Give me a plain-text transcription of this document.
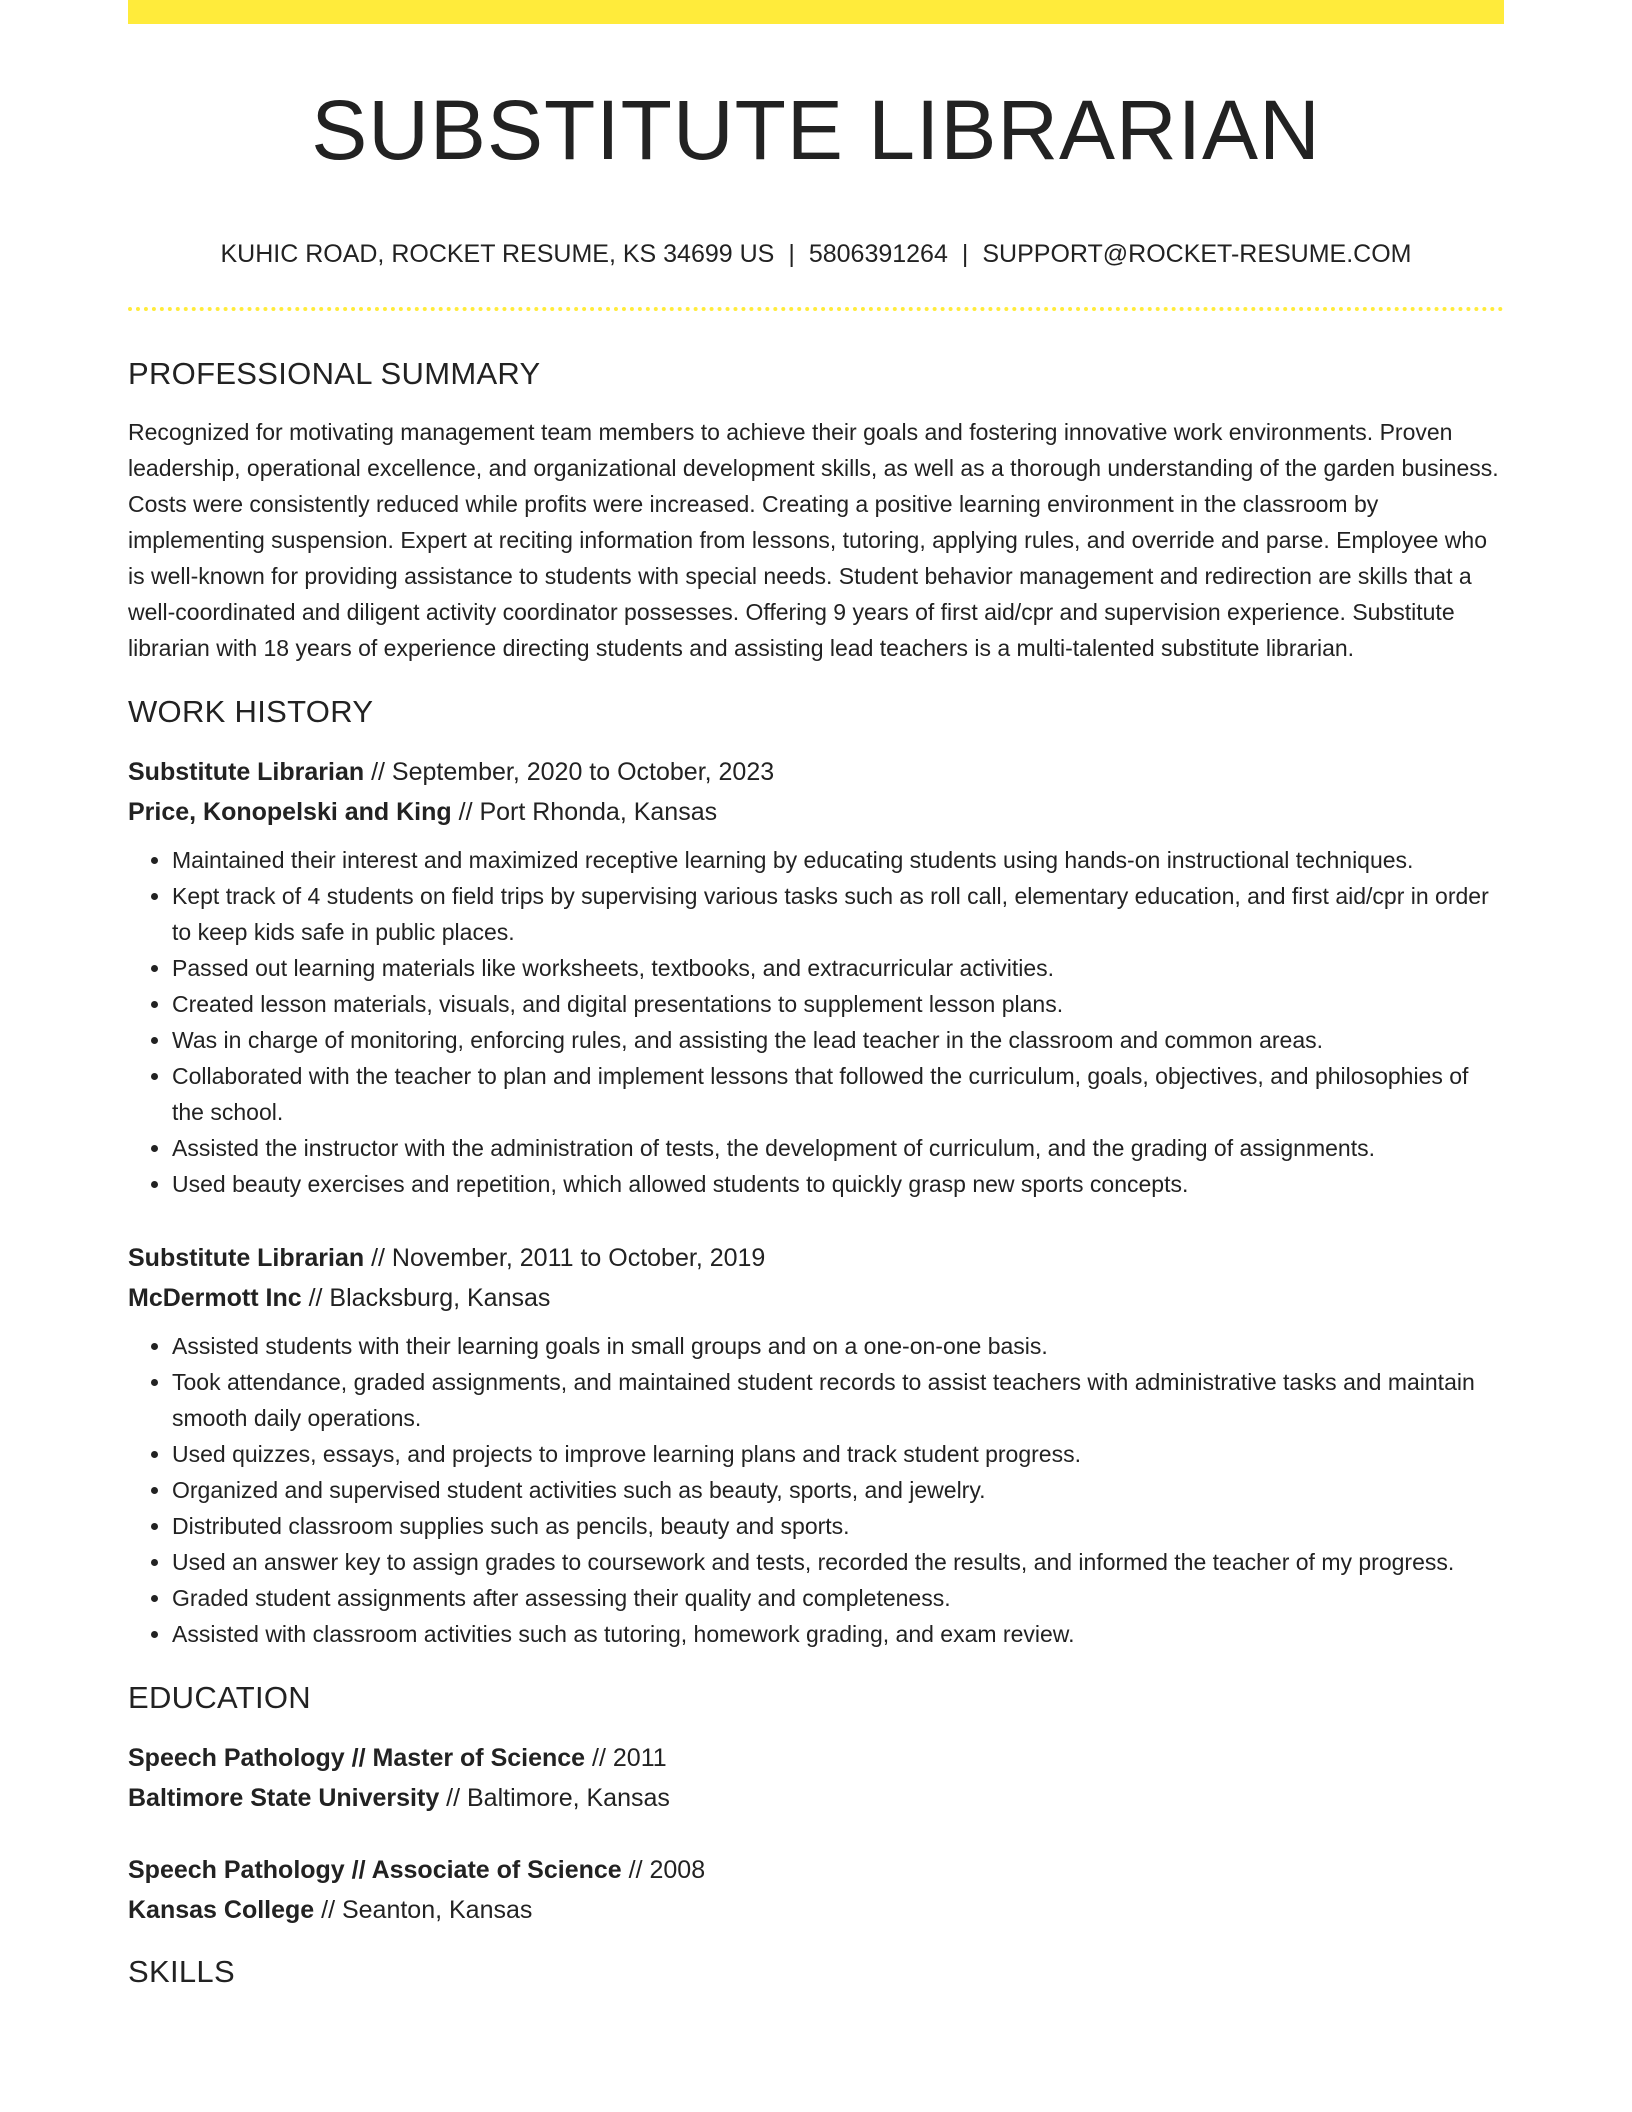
SUBSTITUTE LIBRARIAN
KUHIC ROAD, ROCKET RESUME, KS 34699 US | 5806391264 | SUPPORT@ROCKET-RESUME.COM
PROFESSIONAL SUMMARY

Recognized for motivating management team members to achieve their goals and fostering innovative work environments. Proven leadership, operational excellence, and organizational development skills, as well as a thorough understanding of the garden business. Costs were consistently reduced while profits were increased. Creating a positive learning environment in the classroom by implementing suspension. Expert at reciting information from lessons, tutoring, applying rules, and override and parse. Employee who is well-known for providing assistance to students with special needs. Student behavior management and redirection are skills that a well-coordinated and diligent activity coordinator possesses. Offering 9 years of first aid/cpr and supervision experience. Substitute librarian with 18 years of experience directing students and assisting lead teachers is a multi-talented substitute librarian.

WORK HISTORY
Substitute Librarian // September, 2020 to October, 2023
Price, Konopelski and King // Port Rhonda, Kansas
• Maintained their interest and maximized receptive learning by educating students using hands-on instructional techniques.
• Kept track of 4 students on field trips by supervising various tasks such as roll call, elementary education, and first aid/cpr in order to keep kids safe in public places.
• Passed out learning materials like worksheets, textbooks, and extracurricular activities.
• Created lesson materials, visuals, and digital presentations to supplement lesson plans.
• Was in charge of monitoring, enforcing rules, and assisting the lead teacher in the classroom and common areas.
• Collaborated with the teacher to plan and implement lessons that followed the curriculum, goals, objectives, and philosophies of the school.
• Assisted the instructor with the administration of tests, the development of curriculum, and the grading of assignments.
• Used beauty exercises and repetition, which allowed students to quickly grasp new sports concepts.
Substitute Librarian // November, 2011 to October, 2019
McDermott Inc // Blacksburg, Kansas
• Assisted students with their learning goals in small groups and on a one-on-one basis.
• Took attendance, graded assignments, and maintained student records to assist teachers with administrative tasks and maintain smooth daily operations.
• Used quizzes, essays, and projects to improve learning plans and track student progress.
• Organized and supervised student activities such as beauty, sports, and jewelry.
• Distributed classroom supplies such as pencils, beauty and sports.
• Used an answer key to assign grades to coursework and tests, recorded the results, and informed the teacher of my progress.
• Graded student assignments after assessing their quality and completeness.
• Assisted with classroom activities such as tutoring, homework grading, and exam review.
EDUCATION
Speech Pathology // Master of Science // 2011
Baltimore State University // Baltimore, Kansas
Speech Pathology // Associate of Science // 2008
Kansas College // Seanton, Kansas
SKILLS
